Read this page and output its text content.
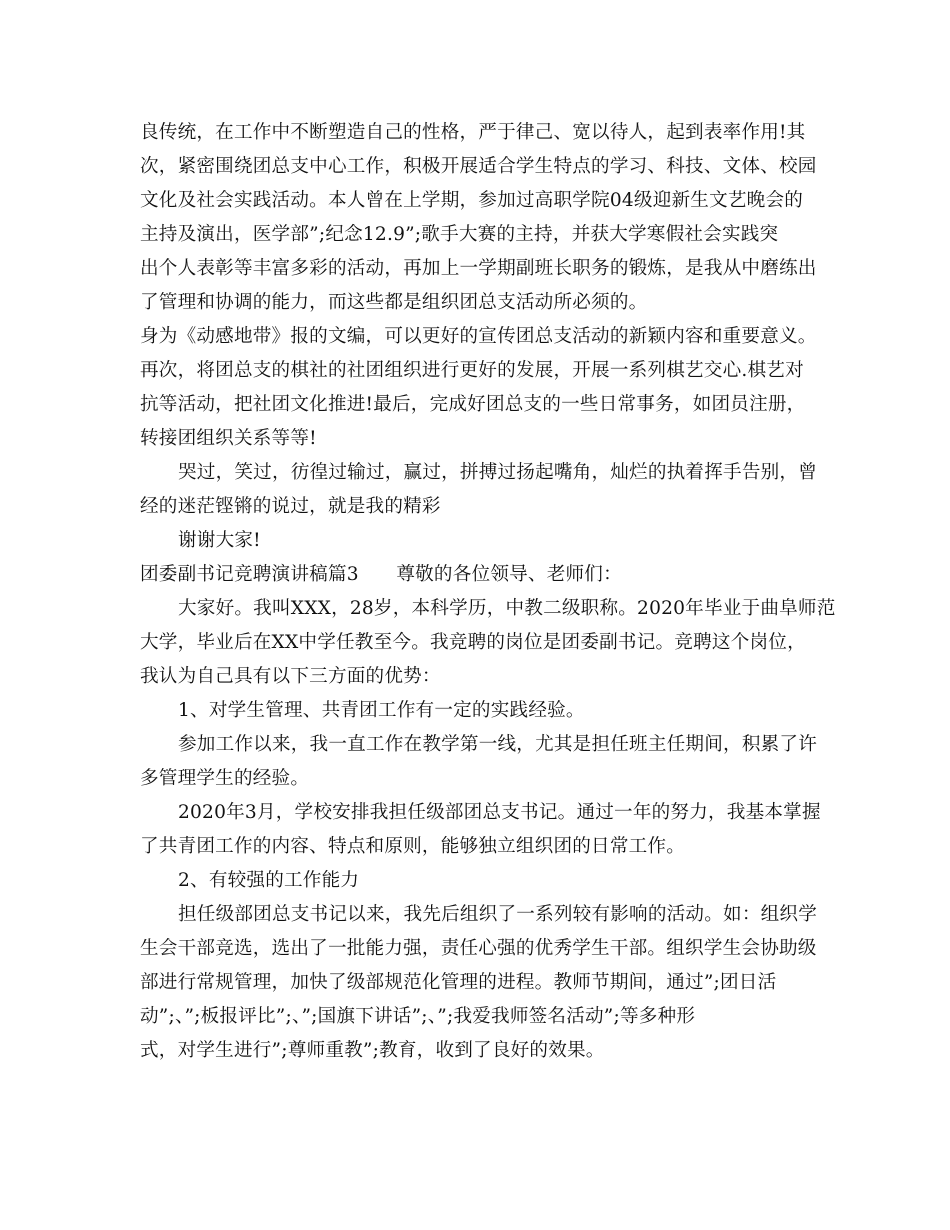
良传统，在工作中不断塑造自己的性格，严于律己、宽以待人，起到表率作用!其
次，紧密围绕团总支中心工作，积极开展适合学生特点的学习、科技、文体、校园
文化及社会实践活动。本人曾在上学期，参加过高职学院04级迎新生文艺晚会的
主持及演出，医学部”;纪念12.9”;歌手大赛的主持，并获大学寒假社会实践突
出个人表彰等丰富多彩的活动，再加上一学期副班长职务的锻炼，是我从中磨练出
了管理和协调的能力，而这些都是组织团总支活动所必须的。
身为《动感地带》报的文编，可以更好的宣传团总支活动的新颖内容和重要意义。
再次，将团总支的棋社的社团组织进行更好的发展，开展一系列棋艺交心.棋艺对
抗等活动，把社团文化推进!最后，完成好团总支的一些日常事务，如团员注册，
转接团组织关系等等!
哭过，笑过，彷徨过输过，赢过，拼搏过扬起嘴角，灿烂的执着挥手告别，曾
经的迷茫铿锵的说过，就是我的精彩
谢谢大家!
团委副书记竞聘演讲稿篇3　　尊敬的各位领导、老师们：
大家好。我叫XXX，28岁，本科学历，中教二级职称。2020年毕业于曲阜师范
大学，毕业后在XX中学任教至今。我竞聘的岗位是团委副书记。竞聘这个岗位，
我认为自己具有以下三方面的优势：
1、对学生管理、共青团工作有一定的实践经验。
参加工作以来，我一直工作在教学第一线，尤其是担任班主任期间，积累了许
多管理学生的经验。
2020年3月，学校安排我担任级部团总支书记。通过一年的努力，我基本掌握
了共青团工作的内容、特点和原则，能够独立组织团的日常工作。
2、有较强的工作能力
担任级部团总支书记以来，我先后组织了一系列较有影响的活动。如：组织学
生会干部竞选，选出了一批能力强，责任心强的优秀学生干部。组织学生会协助级
部进行常规管理，加快了级部规范化管理的进程。教师节期间，通过”;团日活
动”;、”;板报评比”;、”;国旗下讲话”;、”;我爱我师签名活动”;等多种形
式，对学生进行”;尊师重教”;教育，收到了良好的效果。
